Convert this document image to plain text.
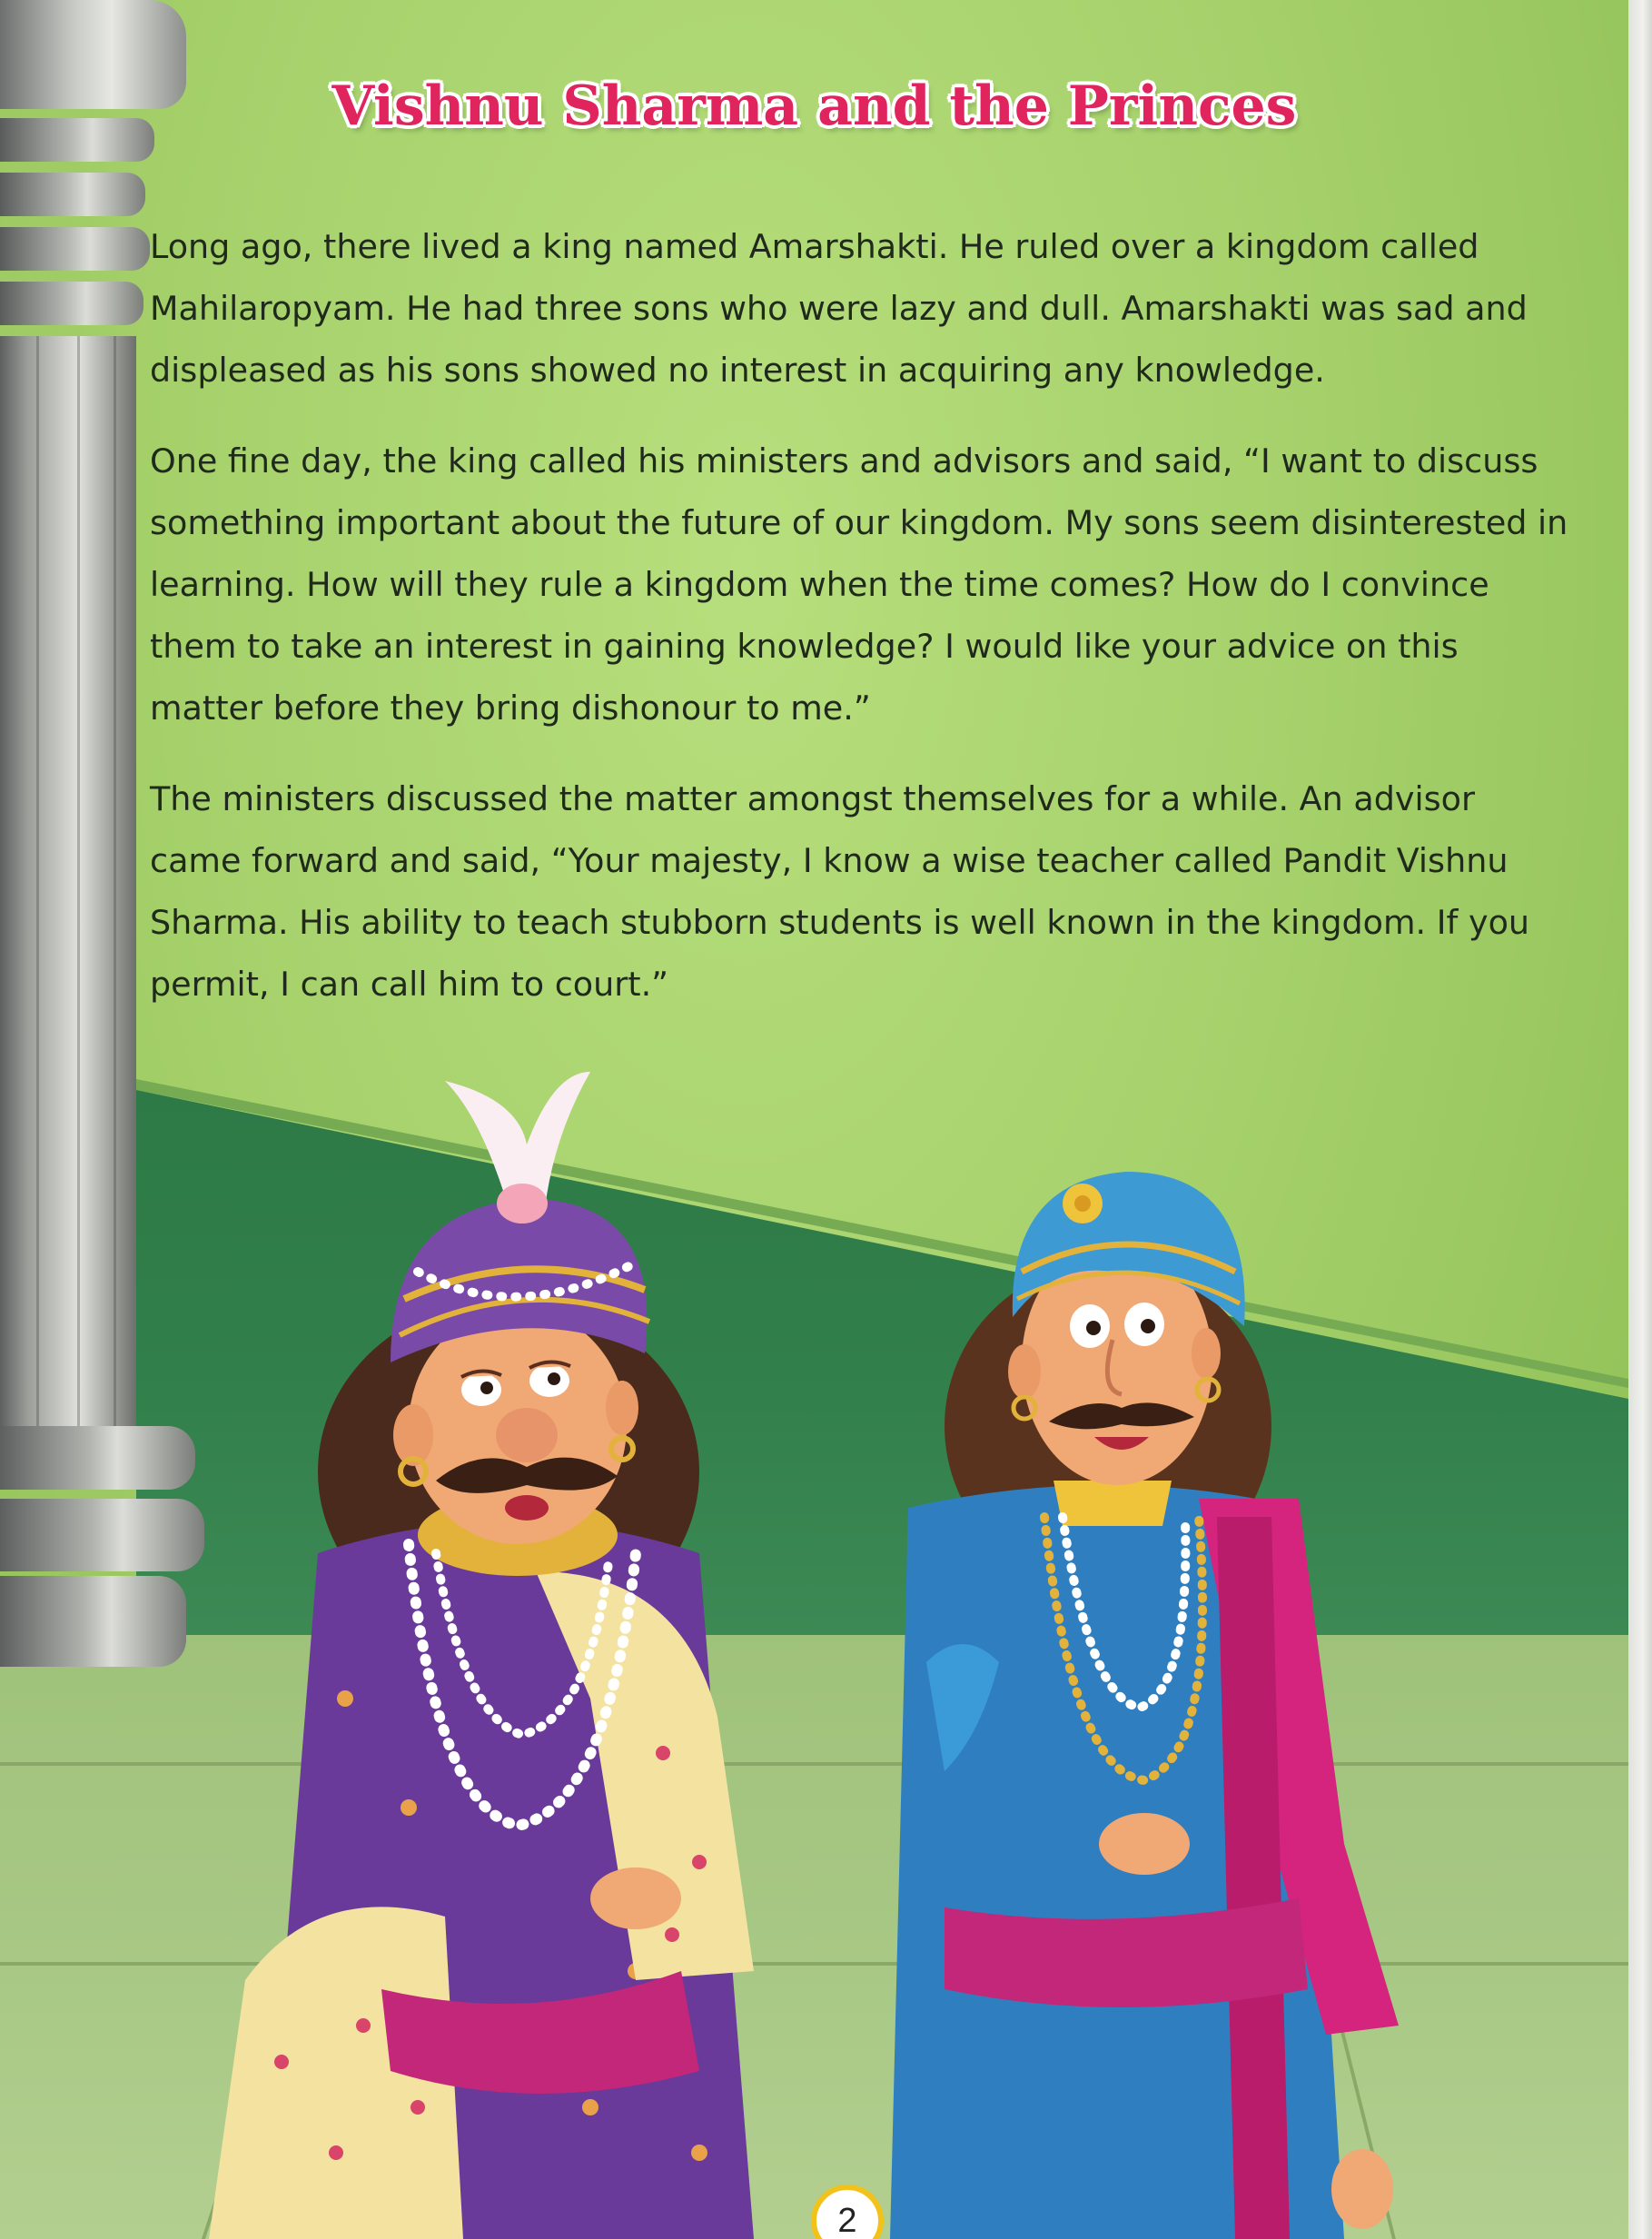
Vishnu Sharma and the Princes

Long ago, there lived a king named Amarshakti. He ruled over a kingdom called Mahilaropyam. He had three sons who were lazy and dull. Amarshakti was sad and displeased as his sons showed no interest in acquiring any knowledge.

One fine day, the king called his ministers and advisors and said, “I want to discuss something important about the future of our kingdom. My sons seem disinterested in learning. How will they rule a kingdom when the time comes? How do I convince them to take an interest in gaining knowledge? I would like your advice on this matter before they bring dishonour to me.”

The ministers discussed the matter amongst themselves for a while. An advisor came forward and said, “Your majesty, I know a wise teacher called Pandit Vishnu Sharma. His ability to teach stubborn students is well known in the kingdom. If you permit, I can call him to court.”

2
